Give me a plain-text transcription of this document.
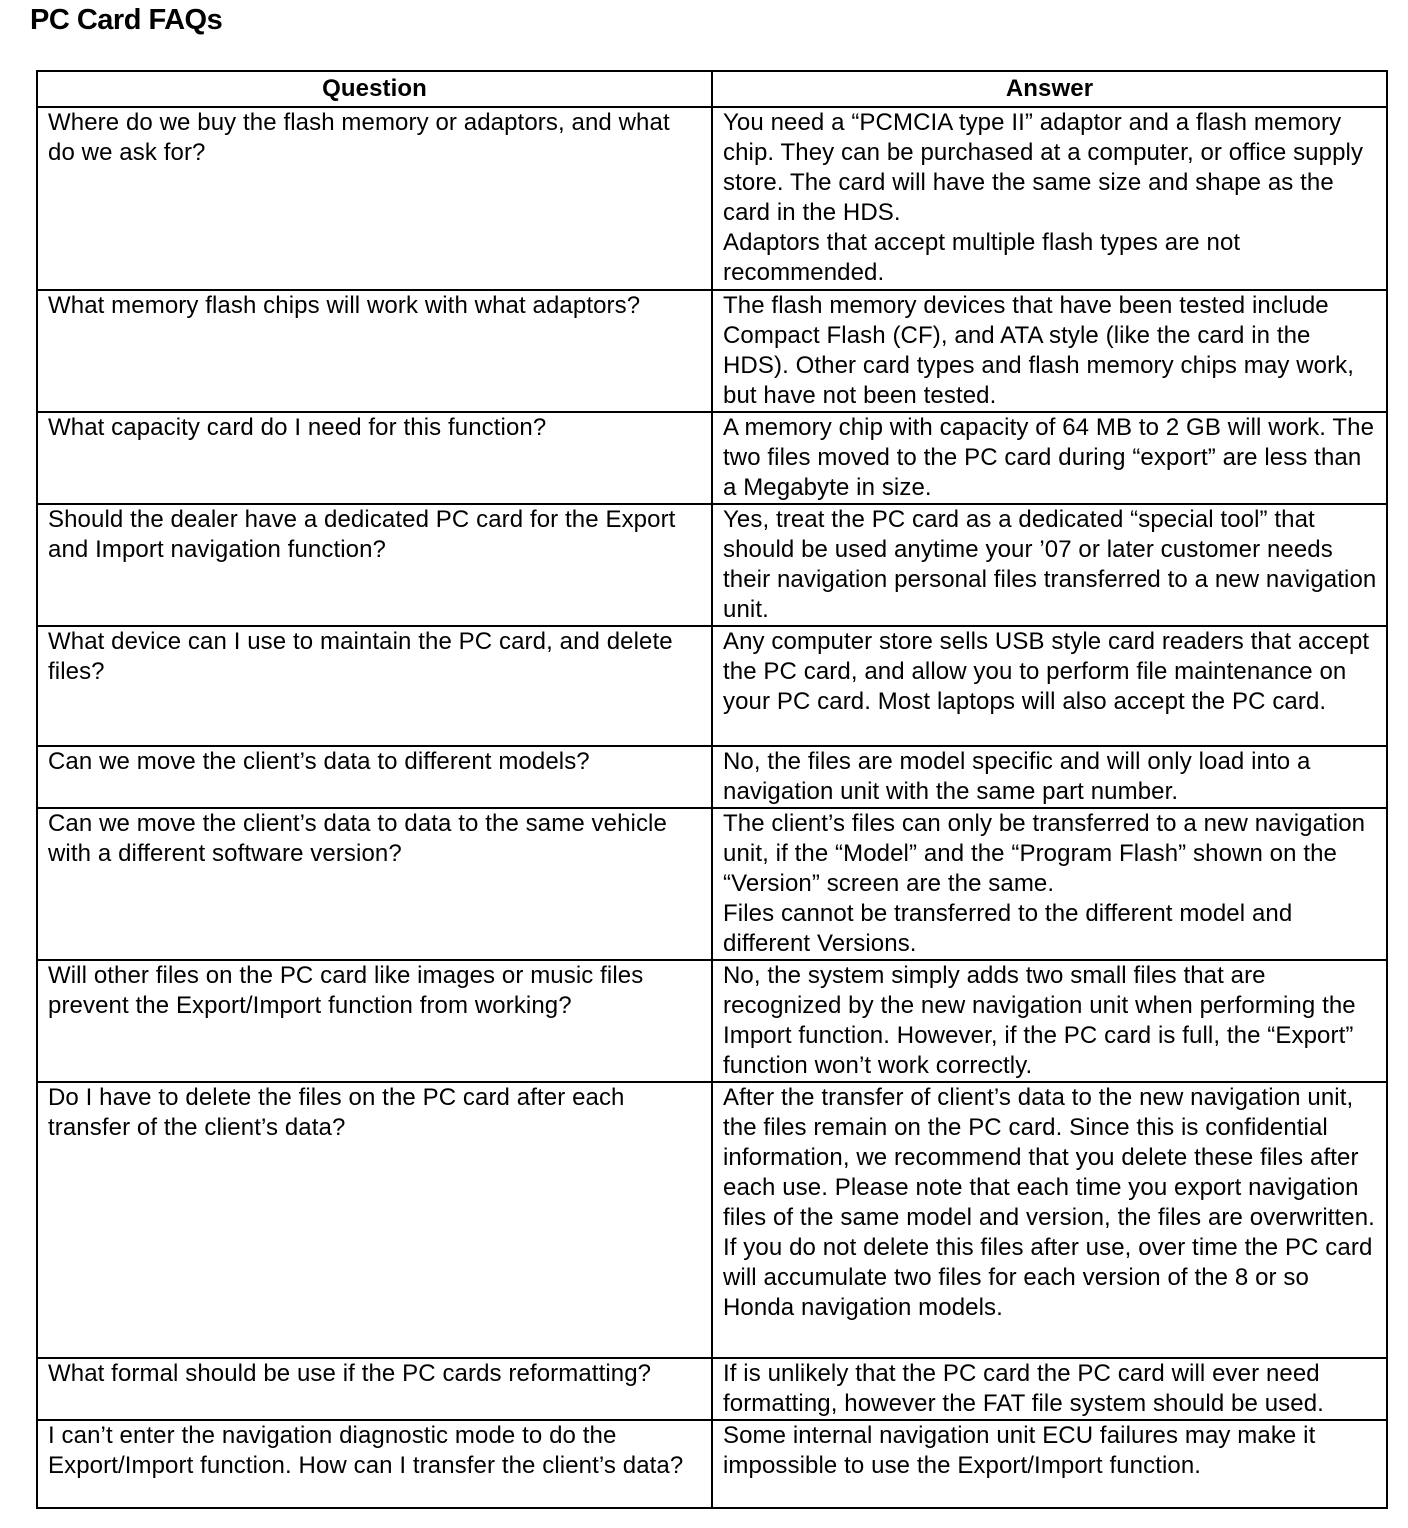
PC Card FAQs
Question	Answer
Where do we buy the flash memory or adaptors, and what do we ask for?	You need a “PCMCIA type II” adaptor and a flash memory chip. They can be purchased at a computer, or office supply store. The card will have the same size and shape as the card in the HDS.
Adaptors that accept multiple flash types are not recommended.
What memory flash chips will work with what adaptors?	The flash memory devices that have been tested include Compact Flash (CF), and ATA style (like the card in the HDS). Other card types and flash memory chips may work, but have not been tested.
What capacity card do I need for this function?	A memory chip with capacity of 64 MB to 2 GB will work. The two files moved to the PC card during “export” are less than a Megabyte in size.
Should the dealer have a dedicated PC card for the Export and Import navigation function?	Yes, treat the PC card as a dedicated “special tool” that should be used anytime your ’07 or later customer needs their navigation personal files transferred to a new navigation unit.
What device can I use to maintain the PC card, and delete files?	Any computer store sells USB style card readers that accept the PC card, and allow you to perform file maintenance on your PC card. Most laptops will also accept the PC card.
Can we move the client’s data to different models?	No, the files are model specific and will only load into a navigation unit with the same part number.
Can we move the client’s data to data to the same vehicle with a different software version?	The client’s files can only be transferred to a new navigation unit, if the “Model” and the “Program Flash” shown on the “Version” screen are the same.
Files cannot be transferred to the different model and different Versions.
Will other files on the PC card like images or music files prevent the Export/Import function from working?	No, the system simply adds two small files that are recognized by the new navigation unit when performing the Import function. However, if the PC card is full, the “Export” function won’t work correctly.
Do I have to delete the files on the PC card after each transfer of the client’s data?	After the transfer of client’s data to the new navigation unit, the files remain on the PC card. Since this is confidential information, we recommend that you delete these files after each use. Please note that each time you export navigation files of the same model and version, the files are overwritten. If you do not delete this files after use, over time the PC card will accumulate two files for each version of the 8 or so Honda navigation models.
What formal should be use if the PC cards reformatting?	If is unlikely that the PC card the PC card will ever need formatting, however the FAT file system should be used.
I can’t enter the navigation diagnostic mode to do the Export/Import function. How can I transfer the client’s data?	Some internal navigation unit ECU failures may make it impossible to use the Export/Import function.
